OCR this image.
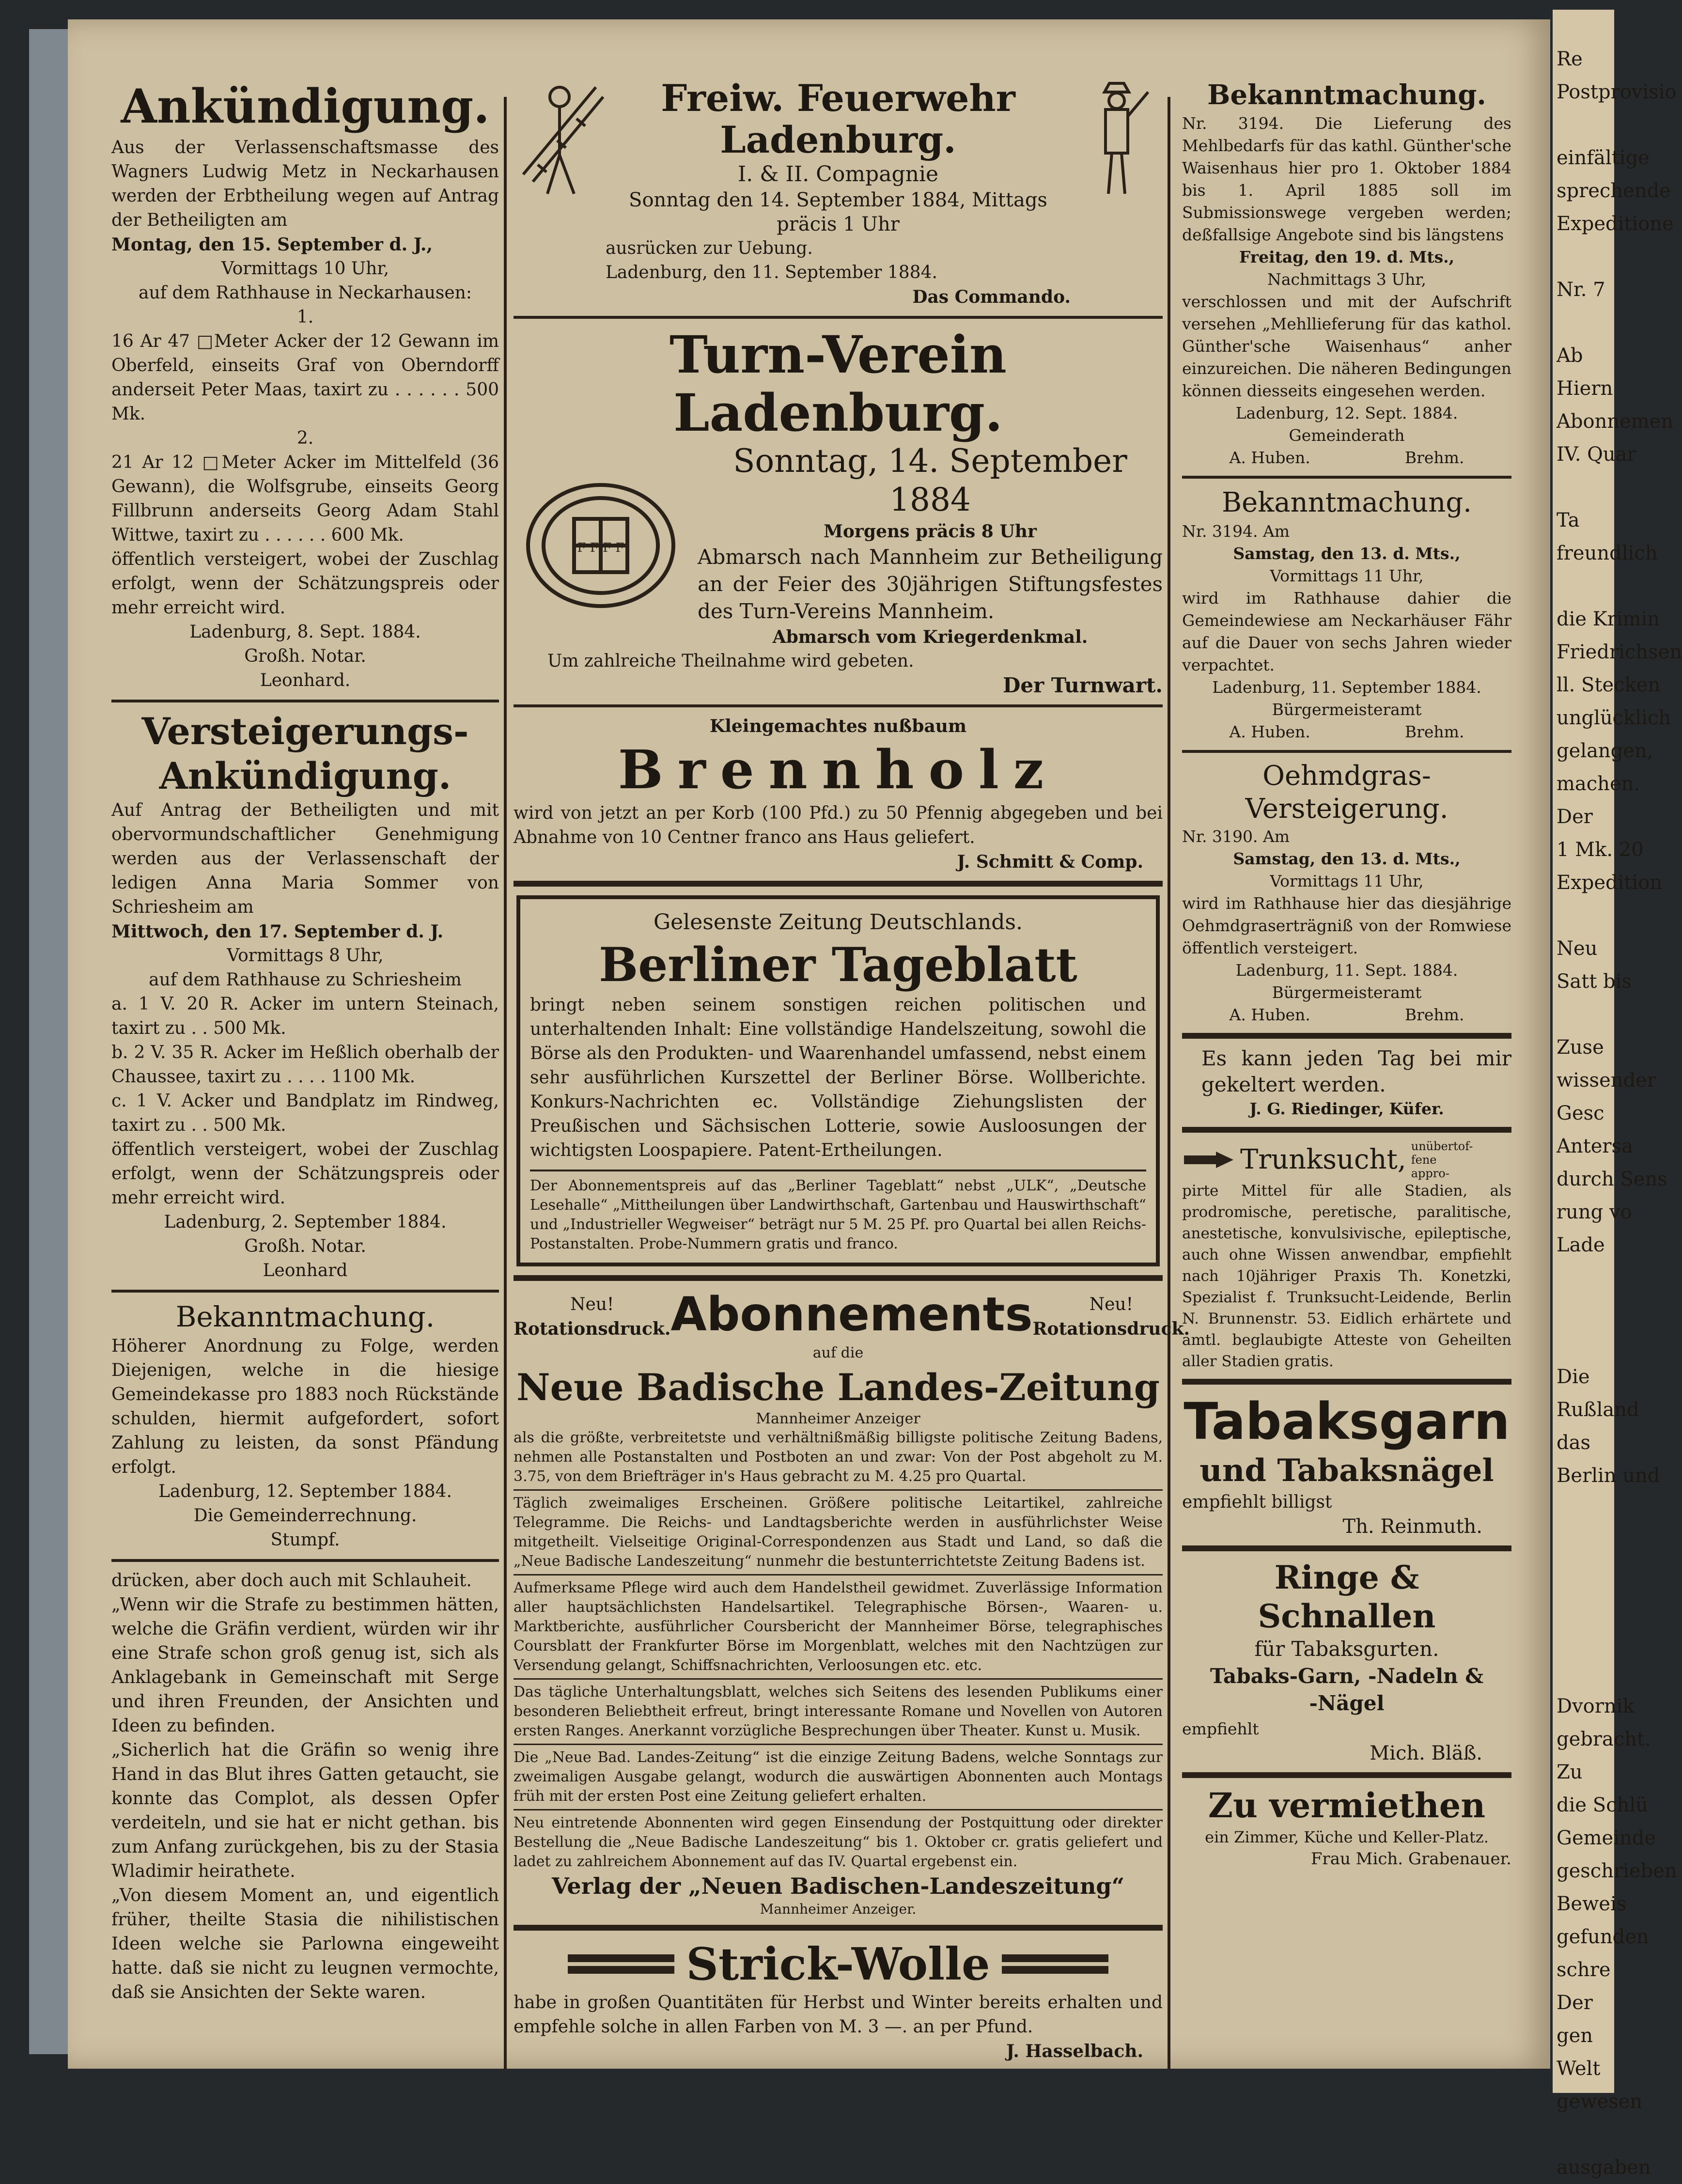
Re
Postprovisio

einfältige
sprechende
Expeditione

Nr. 7

Ab
Hiern
Abonnemen
IV. Quar

Ta
freundlich

die Krimin
Friedrichsen
ll. Stecken
unglücklich
gelangen,
machen.
Der
1 Mk. 20
Expedition

Neu
Satt bis

Zuse
wissender
Gesc
Antersa
durch Sens
rung vo
Lade

Die
Rußland
das
Berlin und

Dvornik
gebracht.
Zu
die Schlü
Gemeinde
geschrieben
Beweis
gefunden
schre
Der
gen
Welt
gewesen

ausgaben

Ankündigung.

Aus der Verlassenschaftsmasse des Wagners Ludwig Metz in Neckarhausen werden der Erbtheilung wegen auf Antrag der Betheiligten am

Montag, den 15. September d. J.,

Vormittags 10 Uhr,

auf dem Rathhause in Neckarhausen:

1.

16 Ar 47 □Meter Acker der 12 Gewann im Oberfeld, einseits Graf von Oberndorff anderseit Peter Maas, taxirt zu . . . . . . 500 Mk.

2.

21 Ar 12 □Meter Acker im Mittelfeld (36 Gewann), die Wolfsgrube, einseits Georg Fillbrunn anderseits Georg Adam Stahl Wittwe, taxirt zu . . . . . . 600 Mk.

öffentlich versteigert, wobei der Zuschlag erfolgt, wenn der Schätzungspreis oder mehr erreicht wird.

Ladenburg, 8. Sept. 1884.

Großh. Notar.

Leonhard.

Versteigerungs-

Ankündigung.

Auf Antrag der Betheiligten und mit obervormundschaftlicher Genehmigung werden aus der Verlassenschaft der ledigen Anna Maria Sommer von Schriesheim am

Mittwoch, den 17. September d. J.

Vormittags 8 Uhr,

auf dem Rathhause zu Schriesheim

a. 1 V. 20 R. Acker im untern Steinach, taxirt zu . . 500 Mk.

b. 2 V. 35 R. Acker im Heßlich oberhalb der Chaussee, taxirt zu . . . . 1100 Mk.

c. 1 V. Acker und Bandplatz im Rindweg, taxirt zu . . 500 Mk.

öffentlich versteigert, wobei der Zuschlag erfolgt, wenn der Schätzungspreis oder mehr erreicht wird.

Ladenburg, 2. September 1884.

Großh. Notar.

Leonhard

Bekanntmachung.

Höherer Anordnung zu Folge, werden Diejenigen, welche in die hiesige Gemeindekasse pro 1883 noch Rückstände schulden, hiermit aufgefordert, sofort Zahlung zu leisten, da sonst Pfändung erfolgt.

Ladenburg, 12. September 1884.

Die Gemeinderrechnung.

Stumpf.

drücken, aber doch auch mit Schlauheit.

„Wenn wir die Strafe zu bestimmen hätten, welche die Gräfin verdient, würden wir ihr eine Strafe schon groß genug ist, sich als Anklagebank in Gemeinschaft mit Serge und ihren Freunden, der Ansichten und Ideen zu befinden.

„Sicherlich hat die Gräfin so wenig ihre Hand in das Blut ihres Gatten getaucht, sie konnte das Complot, als dessen Opfer verdeiteln, und sie hat er nicht gethan. bis zum Anfang zurückgehen, bis zu der Stasia Wladimir heirathete.

„Von diesem Moment an, und eigentlich früher, theilte Stasia die nihilistischen Ideen welche sie Parlowna eingeweiht hatte. daß sie nicht zu leugnen vermochte, daß sie Ansichten der Sekte waren.

Freiw. Feuerwehr

Ladenburg.

I. & II. Compagnie

Sonntag den 14. September 1884, Mittags präcis 1 Uhr

ausrücken zur Uebung.

Ladenburg, den 11. September 1884.

Das Commando.

Turn-Verein Ladenburg.

F F F F

Sonntag, 14. September 1884

Morgens präcis 8 Uhr

Abmarsch nach Mannheim zur Betheiligung an der Feier des 30jährigen Stiftungsfestes des Turn-Vereins Mannheim.

Abmarsch vom Kriegerdenkmal.

Um zahlreiche Theilnahme wird gebeten.

Der Turnwart.

Kleingemachtes nußbaum

Brennholz

wird von jetzt an per Korb (100 Pfd.) zu 50 Pfennig abgegeben und bei Abnahme von 10 Centner franco ans Haus geliefert.

J. Schmitt & Comp.

Gelesenste Zeitung Deutschlands.

Berliner Tageblatt

bringt neben seinem sonstigen reichen politischen und unterhaltenden Inhalt: Eine vollständige Handelszeitung, sowohl die Börse als den Produkten- und Waarenhandel umfassend, nebst einem sehr ausführlichen Kurszettel der Berliner Börse. Wollberichte. Konkurs-Nachrichten ec. Vollständige Ziehungslisten der Preußischen und Sächsischen Lotterie, sowie Ausloosungen der wichtigsten Loospapiere. Patent-Ertheilungen.

Der Abonnementspreis auf das „Berliner Tageblatt“ nebst „ULK“, „Deutsche Lesehalle“ „Mittheilungen über Landwirthschaft, Gartenbau und Hauswirthschaft“ und „Industrieller Wegweiser“ beträgt nur 5 M. 25 Pf. pro Quartal bei allen Reichs-Postanstalten. Probe-Nummern gratis und franco.

Neu!

Rotationsdruck. Abonnements	Neu!

Rotationsdruck.

auf die

Neue Badische Landes-Zeitung

Mannheimer Anzeiger

als die größte, verbreitetste und verhältnißmäßig billigste politische Zeitung Badens, nehmen alle Postanstalten und Postboten an und zwar: Von der Post abgeholt zu M. 3.75, von dem Briefträger in's Haus gebracht zu M. 4.25 pro Quartal.

Täglich zweimaliges Erscheinen. Größere politische Leitartikel, zahlreiche Telegramme. Die Reichs- und Landtagsberichte werden in ausführlichster Weise mitgetheilt. Vielseitige Original-Correspondenzen aus Stadt und Land, so daß die „Neue Badische Landeszeitung“ nunmehr die bestunterrichtetste Zeitung Badens ist.

Aufmerksame Pflege wird auch dem Handelstheil gewidmet. Zuverlässige Information aller hauptsächlichsten Handelsartikel. Telegraphische Börsen-, Waaren- u. Marktberichte, ausführlicher Coursbericht der Mannheimer Börse, telegraphisches Coursblatt der Frankfurter Börse im Morgenblatt, welches mit den Nachtzügen zur Versendung gelangt, Schiffsnachrichten, Verloosungen etc. etc.

Das tägliche Unterhaltungsblatt, welches sich Seitens des lesenden Publikums einer besonderen Beliebtheit erfreut, bringt interessante Romane und Novellen von Autoren ersten Ranges. Anerkannt vorzügliche Besprechungen über Theater. Kunst u. Musik.

Die „Neue Bad. Landes-Zeitung“ ist die einzige Zeitung Badens, welche Sonntags zur zweimaligen Ausgabe gelangt, wodurch die auswärtigen Abonnenten auch Montags früh mit der ersten Post eine Zeitung geliefert erhalten.

Neu eintretende Abonnenten wird gegen Einsendung der Postquittung oder direkter Bestellung die „Neue Badische Landeszeitung“ bis 1. Oktober cr. gratis geliefert und ladet zu zahlreichem Abonnement auf das IV. Quartal ergebenst ein.

Verlag der „Neuen Badischen-Landeszeitung“

Mannheimer Anzeiger.

Strick-Wolle

habe in großen Quantitäten für Herbst und Winter bereits erhalten und empfehle solche in allen Farben von M. 3 —. an per Pfund.

J. Hasselbach.

Bekanntmachung.

Nr. 3194. Die Lieferung des Mehlbedarfs für das kathl. Günther'sche Waisenhaus hier pro 1. Oktober 1884 bis 1. April 1885 soll im Submissionswege vergeben werden; deßfallsige Angebote sind bis längstens

Freitag, den 19. d. Mts.,

Nachmittags 3 Uhr,

verschlossen und mit der Aufschrift versehen „Mehllieferung für das kathol. Günther'sche Waisenhaus“ anher einzureichen. Die näheren Bedingungen können diesseits eingesehen werden.

Ladenburg, 12. Sept. 1884.

Gemeinderath

A. Huben.	Brehm.

Bekanntmachung.

Nr. 3194. Am

Samstag, den 13. d. Mts.,

Vormittags 11 Uhr,

wird im Rathhause dahier die Gemeindewiese am Neckarhäuser Fähr auf die Dauer von sechs Jahren wieder verpachtet.

Ladenburg, 11. September 1884.

Bürgermeisteramt

A. Huben.	Brehm.

Oehmdgras-

Versteigerung.

Nr. 3190. Am

Samstag, den 13. d. Mts.,

Vormittags 11 Uhr,

wird im Rathhause hier das diesjährige Oehmdgraserträgniß von der Romwiese öffentlich versteigert.

Ladenburg, 11. Sept. 1884.

Bürgermeisteramt

A. Huben.	Brehm.

Es kann jeden Tag bei mir gekeltert werden.

J. G. Riedinger, Küfer.

Trunksucht, unübertof-fene appro-

pirte Mittel für alle Stadien, als prodromische, peretische, paralitische, anestetische, konvulsivische, epileptische, auch ohne Wissen anwendbar, empfiehlt nach 10jähriger Praxis Th. Konetzki, Spezialist f. Trunksucht-Leidende, Berlin N. Brunnenstr. 53. Eidlich erhärtete und amtl. beglaubigte Atteste von Geheilten aller Stadien gratis.

Tabaksgarn

und Tabaksnägel

empfiehlt billigst

Th. Reinmuth.

Ringe & Schnallen

für Tabaksgurten.

Tabaks-Garn, -Nadeln &

-Nägel

empfiehlt

Mich. Bläß.

Zu vermiethen

ein Zimmer, Küche und Keller-Platz.

Frau Mich. Grabenauer.
